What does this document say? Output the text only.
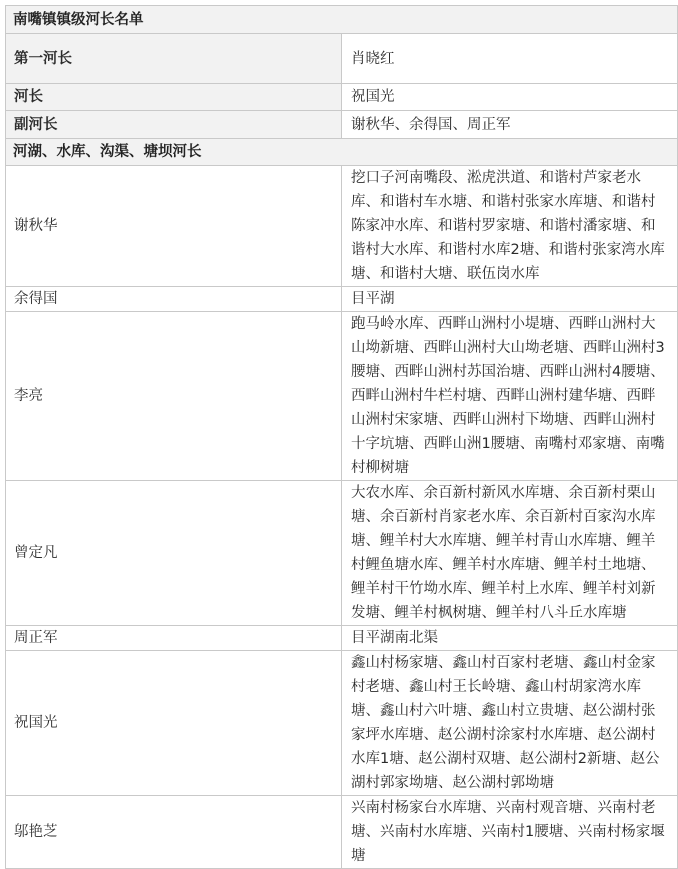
南嘴镇镇级河长名单	
第一河长	肖晓红
河长	祝国光
副河长	谢秋华、余得国、周正军
河湖、水库、沟渠、塘坝河长	
谢秋华	挖口子河南嘴段、淞虎洪道、和谐村芦家老水库、和谐村车水塘、和谐村张家水库塘、和谐村陈家冲水库、和谐村罗家塘、和谐村潘家塘、和谐村大水库、和谐村水库2塘、和谐村张家湾水库塘、和谐村大塘、联伍岗水库
余得国	目平湖
李亮	跑马岭水库、西畔山洲村小堤塘、西畔山洲村大山坳新塘、西畔山洲村大山坳老塘、西畔山洲村3腰塘、西畔山洲村苏国治塘、西畔山洲村4腰塘、西畔山洲村牛栏村塘、西畔山洲村建华塘、西畔山洲村宋家塘、西畔山洲村下坳塘、西畔山洲村十字坑塘、西畔山洲1腰塘、南嘴村邓家塘、南嘴村柳树塘
曾定凡	大农水库、余百新村新风水库塘、余百新村栗山塘、余百新村肖家老水库、余百新村百家沟水库塘、鲤羊村大水库塘、鲤羊村青山水库塘、鲤羊村鲤鱼塘水库、鲤羊村水库塘、鲤羊村土地塘、鲤羊村干竹坳水库、鲤羊村上水库、鲤羊村刘新发塘、鲤羊村枫树塘、鲤羊村八斗丘水库塘
周正军	目平湖南北渠
祝国光	鑫山村杨家塘、鑫山村百家村老塘、鑫山村金家村老塘、鑫山村王长岭塘、鑫山村胡家湾水库塘、鑫山村六叶塘、鑫山村立贵塘、赵公湖村张家坪水库塘、赵公湖村涂家村水库塘、赵公湖村水库1塘、赵公湖村双塘、赵公湖村2新塘、赵公湖村郭家坳塘、赵公湖村郭坳塘
邬艳芝	兴南村杨家台水库塘、兴南村观音塘、兴南村老塘、兴南村水库塘、兴南村1腰塘、兴南村杨家堰塘
